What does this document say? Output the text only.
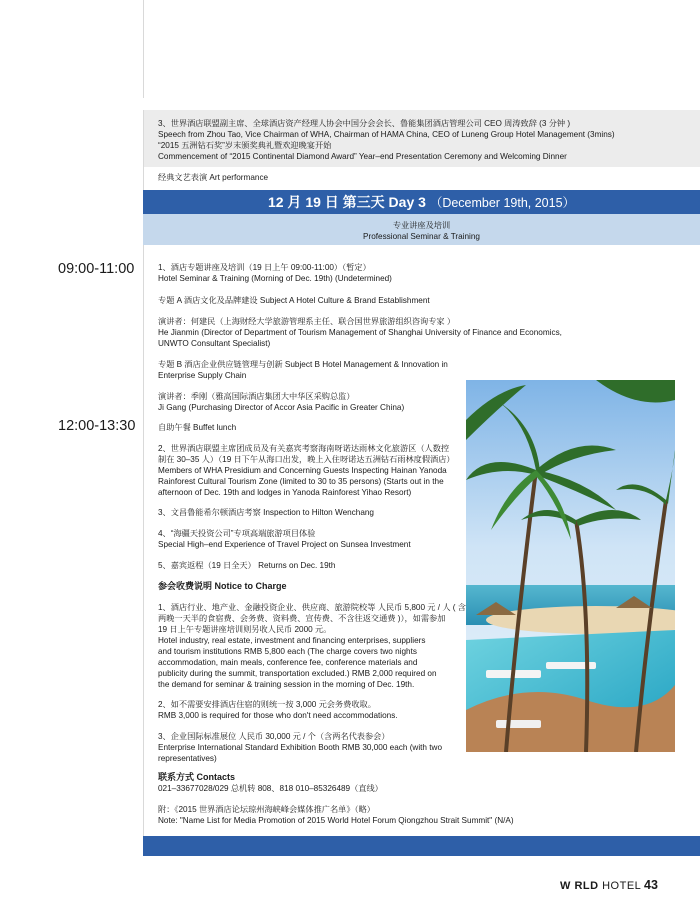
3、世界酒店联盟副主席、全球酒店资产经理人协会中国分会会长、鲁能集团酒店管理公司 CEO 周涛致辞 (3 分钟 )
Speech from Zhou Tao, Vice Chairman of WHA, Chairman of HAMA China, CEO of Luneng Group Hotel Management (3mins)
“2015 五洲钻石奖”岁末颁奖典礼暨欢迎晚宴开始
Commencement of “2015 Continental Diamond Award” Year–end Presentation Ceremony and Welcoming Dinner
经典文艺表演 Art performance
12 月 19 日 第三天 Day 3 （December 19th, 2015）
专业讲座及培训
Professional Seminar & Training
09:00-11:00
12:00-13:30
1、酒店专题讲座及培训（19 日上午 09:00-11:00）（暂定）
Hotel Seminar & Training (Morning of Dec. 19th) (Undetermined)
专题 A 酒店文化及品牌建设 Subject A Hotel Culture & Brand Establishment
演讲者：何建民（上海财经大学旅游管理系主任、联合国世界旅游组织咨询专家 ）
He Jianmin (Director of Department of Tourism Management of Shanghai University of Finance and Economics,
UNWTO Consultant Specialist)
专题 B 酒店企业供应链管理与创新 Subject B Hotel Management & Innovation in
Enterprise Supply Chain
演讲者：季刚（雅高国际酒店集团大中华区采购总监）
Ji Gang (Purchasing Director of Accor Asia Pacific in Greater China)
自助午餐 Buffet lunch
2、世界酒店联盟主席团成员及有关嘉宾考察海南呀诺达雨林文化旅游区（人数控
制在 30–35 人）（19 日下午从海口出发，晚上入住呀诺达五洲钻石雨林度假酒店）
Members of WHA Presidium and Concerning Guests Inspecting Hainan Yanoda
Rainforest Cultural Tourism Zone (limited to 30 to 35 persons) (Starts out in the
afternoon of Dec. 19th and lodges in Yanoda Rainforest Yihao Resort)
3、文昌鲁能希尔顿酒店考察 Inspection to Hilton Wenchang
4、“海疆天投资公司”专项高端旅游项目体验
Special High–end Experience of Travel Project on Sunsea Investment
5、嘉宾返程（19 日全天） Returns on Dec. 19th
参会收费说明 Notice to Charge
1、酒店行业、地产业、金融投资企业、供应商、旅游院校等 人民币 5,800 元 / 人 ( 含
两晚一天半的食宿费、会务费、资料费、宣传费、不含往返交通费 )），如需参加
19 日上午专题讲座培训则另收人民币 2000 元。
Hotel industry, real estate, investment and financing enterprises, suppliers
and tourism institutions RMB 5,800 each (The charge covers two nights
accommodation, main meals, conference fee, conference materials and
publicity during the summit, transportation excluded.) RMB 2,000 required on
the demand for seminar & training session in the morning of Dec. 19th.
2、如不需要安排酒店住宿的则统一按 3,000 元会务费收取。
RMB 3,000 is required for those who don't need accommodations.
3、企业国际标准展位 人民币 30,000 元 / 个（含两名代表参会）
Enterprise International Standard Exhibition Booth RMB 30,000 each (with two
representatives)
联系方式 Contacts
021–33677028/029 总机转 808、818 010–85326489（直线）
附：《2015 世界酒店论坛琼州海峡峰会媒体推广名单》（略）
Note: "Name List for Media Promotion of 2015 World Hotel Forum Qiongzhou Strait Summit" (N/A)
W RLD HOTEL 43
